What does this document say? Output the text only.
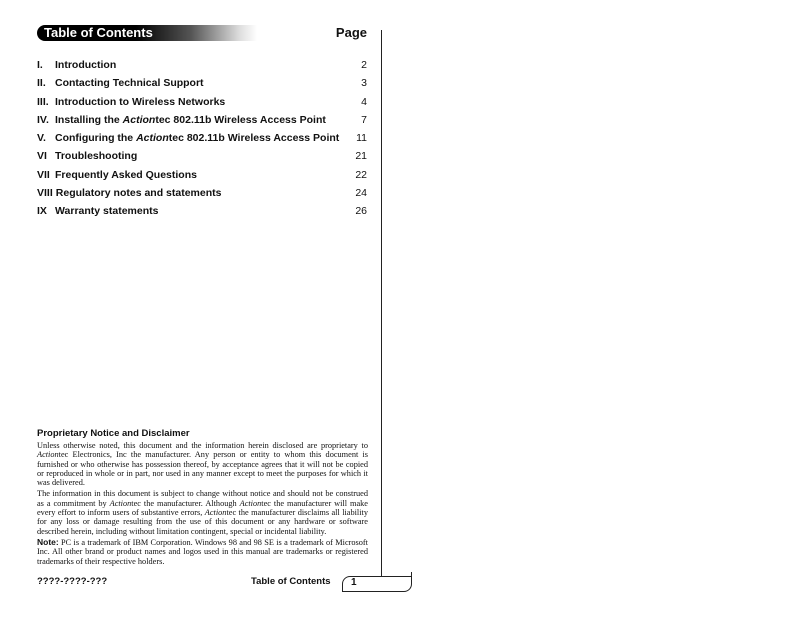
Table of Contents	Page
I.	Introduction	2
II. Contacting Technical Support	3
III. Introduction to Wireless Networks	4
IV. Installing the Actiontec 802.11b Wireless Access Point	7
V. Configuring the Actiontec 802.11b Wireless Access Point	11
VI Troubleshooting	21
VII Frequently Asked Questions	22
VIII Regulatory notes and statements	24
IX Warranty statements	26
Proprietary Notice and Disclaimer

Unless otherwise noted, this document and the information herein disclosed are proprietary to Actiontec Electronics, Inc the manufacturer. Any person or entity to whom this document is furnished or who otherwise has possession thereof, by acceptance agrees that it will not be copied or reproduced in whole or in part, nor used in any manner except to meet the purposes for which it was delivered.

The information in this document is subject to change without notice and should not be construed as a commitment by Actiontec the manufacturer. Although Actiontec the manufacturer will make every effort to inform users of substantive errors, Actiontec the manufacturer disclaims all liability for any loss or damage resulting from the use of this document or any hardware or software described herein, including without limitation contingent, special or incidental liability.

Note: PC is a trademark of IBM Corporation. Windows 98 and 98 SE is a trademark of Microsoft Inc. All other brand or product names and logos used in this manual are trademarks or registered trademarks of their respective holders.

????-????-???	Table of Contents 1
